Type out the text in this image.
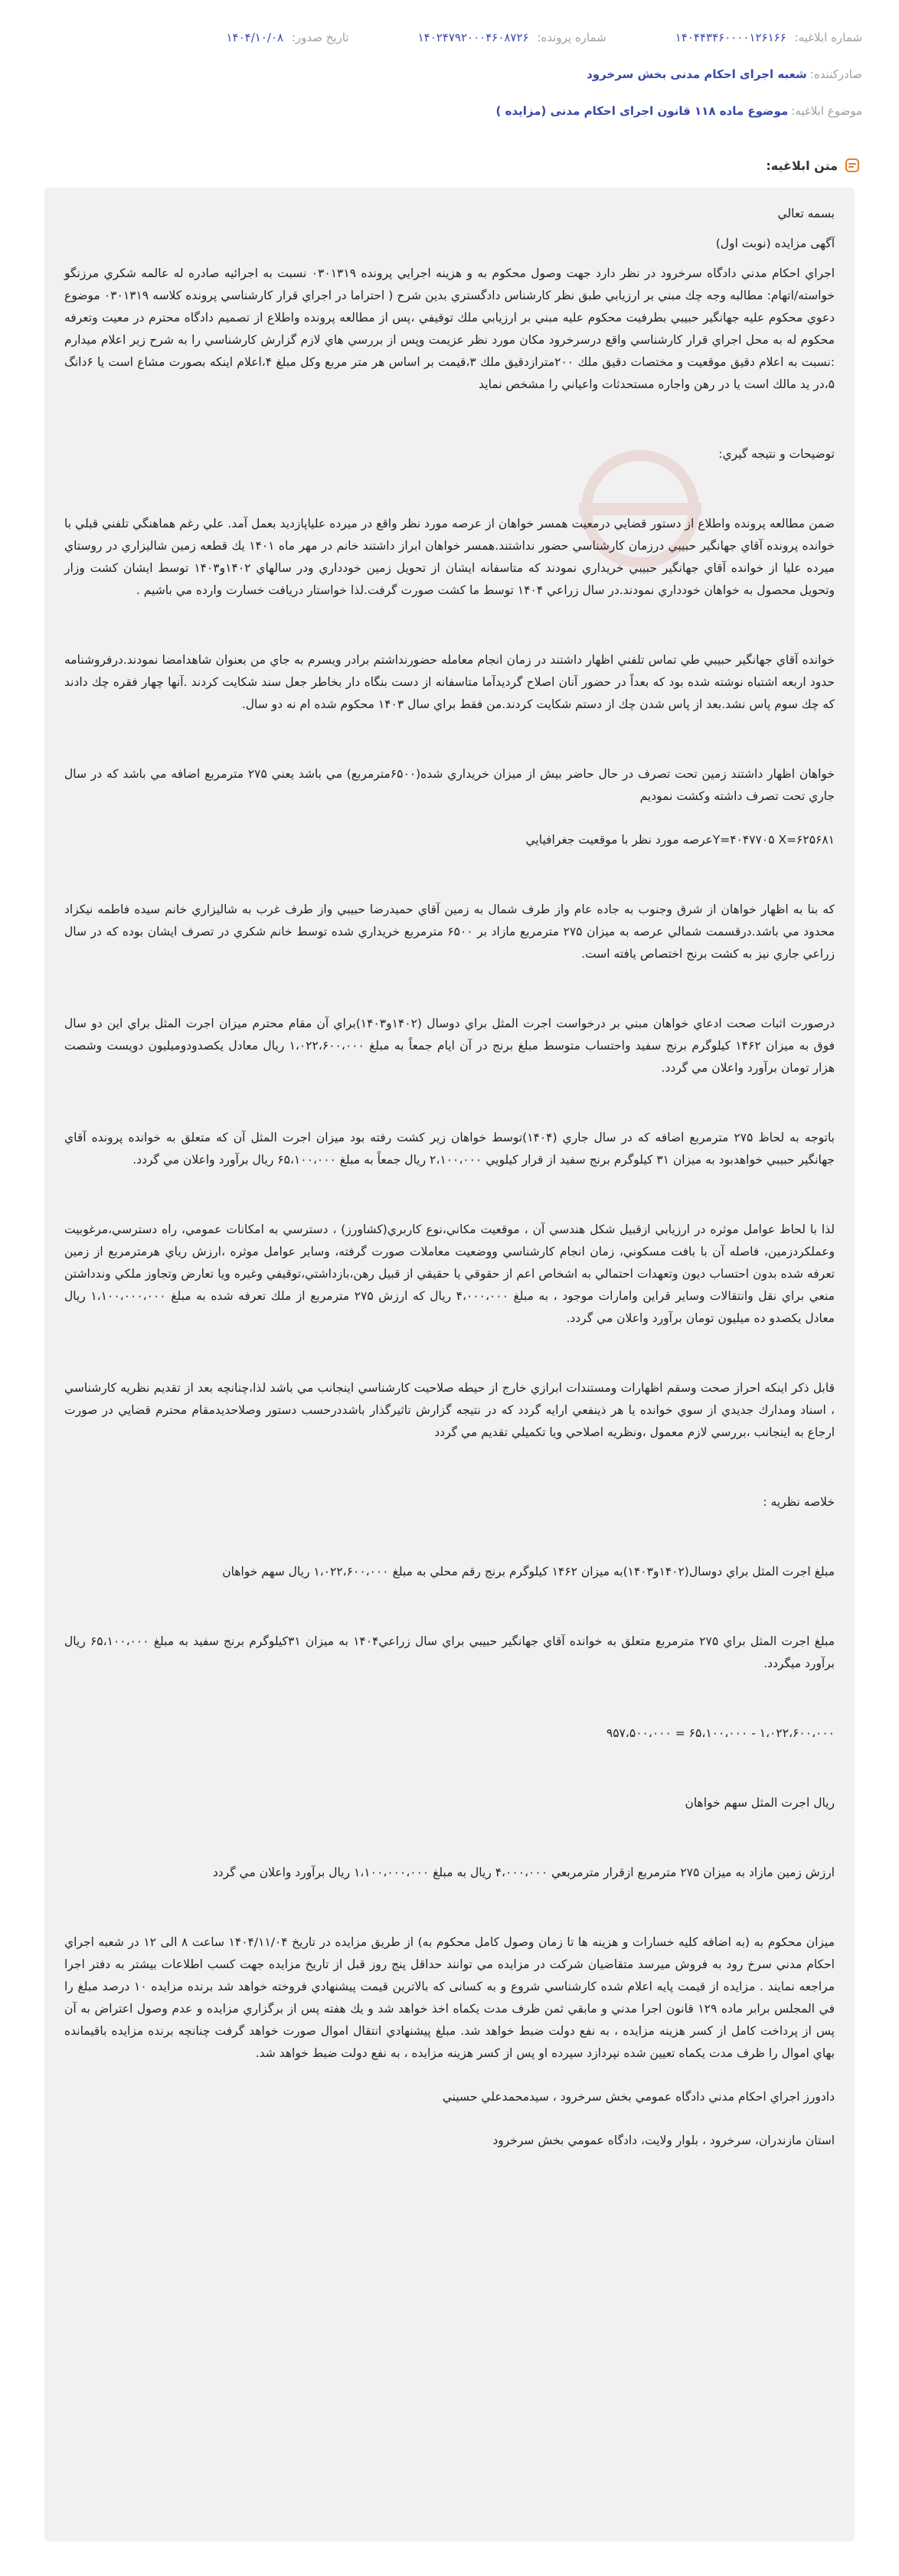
شماره ابلاغیه: ۱۴۰۴۴۳۴۶۰۰۰۰۱۲۶۱۶۶
شماره پرونده: ۱۴۰۲۴۷۹۲۰۰۰۴۶۰۸۷۲۶
تاریخ صدور: ۱۴۰۴/۱۰/۰۸
صادرکننده:
شعبه اجرای احکام مدنی بخش سرخرود
موضوع ابلاغیه:
موضوع ماده ۱۱۸ قانون اجرای احکام مدنی (مزایده )
متن ابلاغیه:

بسمه تعالي

آگهی مزایده (نوبت اول)

اجراي احكام مدني دادگاه سرخرود در نظر دارد جهت وصول محكوم به و هزينه اجرايي پرونده ۰۳۰۱۳۱۹ نسبت به اجرائيه صادره له عالمه شكري مرزنگو خواسته/اتهام: مطالبه وجه چك مبني بر ارزيابي طبق نظر كارشناس دادگستري بدين شرح ( احتراما در اجراي قرار كارشناسي پرونده كلاسه ۰۳۰۱۳۱۹ موضوع دعوي محكوم عليه جهانگير حبيبي بطرفيت محكوم عليه مبني بر ارزيابي ملك توقيفي ،پس از مطالعه پرونده واطلاع از تصميم دادگاه محترم در معيت وتعرفه محكوم له به محل اجراي قرار كارشناسي واقع درسرخرود مكان مورد نظر عزيمت وپس از بررسي هاي لازم گزارش كارشناسي را به شرح زير اعلام ميدارم :نسبت به اعلام دقيق موقعيت و مختصات دقيق ملك ۲۰۰مترازدقيق ملك ۳،قيمت بر اساس هر متر مربع وكل مبلغ ۴،اعلام اينكه بصورت مشاع است يا ۶دانگ ۵،در يد مالك است يا در رهن واجاره مستحدثات واعياني را مشخص نمايد

توضيحات و نتيجه گيري:

ضمن مطالعه پرونده واطلاع از دستور قضايي درمعيت همسر خواهان از عرصه مورد نظر واقع در ميرده علياپازديد بعمل آمد. علي رغم هماهنگي تلفني قبلي با خوانده پرونده آقاي جهانگير حبيبي درزمان كارشناسي حضور نداشتند.همسر خواهان ابراز داشتند خانم در مهر ماه ۱۴۰۱ يك قطعه زمين شالیزاري در روستاي ميرده عليا از خوانده آقاي جهانگير حبيبي خريداري نمودند كه متاسفانه ايشان از تحويل زمين خودداري ودر سالهاي ۱۴۰۲و۱۴۰۳ توسط ايشان كشت وزار وتحويل محصول به خواهان خودداري نمودند.در سال زراعي ۱۴۰۴ توسط ما كشت صورت گرفت.لذا خواستار دريافت خسارت وارده مي باشيم .

خوانده آقاي جهانگير حبيبي طي تماس تلفني اظهار داشتند در زمان انجام معامله حضورنداشتم برادر ويسرم به جاي من بعنوان شاهدامضا نمودند.درفروشنامه حدود اربعه اشتباه نوشته شده بود كه بعداً در حضور آنان اصلاح گرديدآما متاسفانه از دست بنگاه دار بخاطر جعل سند شكايت كردند .آنها چهار فقره چك دادند كه چك سوم پاس نشد.بعد از پاس شدن چك از دستم شكايت كردند.من فقط براي سال ۱۴۰۳ محكوم شده ام نه دو سال.

خواهان اظهار داشتند زمين تحت تصرف در حال حاضر بيش از ميزان خريداري شده(۶۵۰۰مترمربع) مي باشد يعني ۲۷۵ مترمربع اضافه مي باشد كه در سال جاري تحت تصرف داشته وكشت نموديم

Y=۴۰۴۷۷۰۵ X=۶۲۵۶۸۱عرصه مورد نظر با موقعيت جغرافيايي

كه بنا به اظهار خواهان از شرق وجنوب به جاده عام واز طرف شمال به زمين آقاي حميدرضا حبيبي واز طرف غرب به شالیزاري خانم سيده فاطمه نيكزاد محدود مي باشد.درقسمت شمالي عرصه به ميزان ۲۷۵ مترمربع مازاد بر ۶۵۰۰ مترمربع خريداري شده توسط خانم شكري در تصرف ايشان بوده كه در سال زراعي جاري نيز به كشت برنج اختصاص يافته است.

درصورت اثبات صحت ادعاي خواهان مبني بر درخواست اجرت المثل براي دوسال (۱۴۰۲و۱۴۰۳)براي آن مقام محترم ميزان اجرت المثل براي اين دو سال فوق به ميزان ۱۴۶۲ كيلوگرم برنج سفيد واحتساب متوسط مبلغ برنج در آن ايام جمعاً به مبلغ ۱،۰۲۲،۶۰۰،۰۰۰ ريال معادل يكصدودوميليون دويست وشصت هزار تومان برآورد واعلان مي گردد.

باتوجه به لحاظ ۲۷۵ مترمربع اضافه كه در سال جاري (۱۴۰۴)توسط خواهان زير كشت رفته بود ميزان اجرت المثل آن كه متعلق به خوانده پرونده آقاي جهانگير حبيبي خواهدبود به ميزان ۳۱ كيلوگرم برنج سفيد از قرار كيلويي ۲،۱۰۰،۰۰۰ ريال جمعاً به مبلغ ۶۵،۱۰۰،۰۰۰ ريال برآورد واعلان مي گردد.

لذا با لحاظ عوامل موثره در ارزيابي ازقبيل شكل هندسي آن ، موقعيت مكاني،نوع كاربري(كشاورز) ، دسترسي به امكانات عمومي، راه دسترسي،مرغوبيت وعملكردزمين، فاصله آن با بافت مسكوني، زمان انجام كارشناسي ووضعيت معاملات صورت گرفته، وساير عوامل موثره ،ارزش رياي هرمترمربع از زمين تعرفه شده بدون احتساب ديون وتعهدات احتمالي به اشخاص اعم از حقوقي يا حقيقي از قبيل رهن،بازداشتي،توقيفي وغيره ويا تعارض وتجاوز ملكي وندداشتن منعي براي نقل وانتقالات وساير قراين وامارات موجود ، به مبلغ ۴،۰۰۰،۰۰۰ ريال كه ارزش ۲۷۵ مترمربع از ملك تعرفه شده به مبلغ ۱،۱۰۰،۰۰۰،۰۰۰ ريال معادل يكصدو ده ميليون تومان برآورد واعلان مي گردد.

قابل ذكر اينكه احراز صحت وسقم اظهارات ومستندات ابرازي خارج از حيطه صلاحيت كارشناسي اينجانب مي باشد لذا،چنانچه بعد از تقديم نظريه كارشناسي ، اسناد ومدارك جديدي از سوي خوانده يا هر ذينفعي ارايه گردد كه در نتيجه گزارش تاثيرگذار باشددرحسب دستور وصلاحديدمقام محترم قضايي در صورت ارجاع به اينجانب ،بررسي لازم معمول ،ونظريه اصلاحي ويا تكميلي تقديم مي گردد

خلاصه نظريه :

مبلغ اجرت المثل براي دوسال(۱۴۰۲و۱۴۰۳)به ميزان ۱۴۶۲ كيلوگرم برنج رقم محلي به مبلغ ۱،۰۲۲،۶۰۰،۰۰۰ ريال سهم خواهان

مبلغ اجرت المثل براي ۲۷۵ مترمربع متعلق به خوانده آقاي جهانگير حبيبي براي سال زراعي۱۴۰۴ به ميزان ۳۱كيلوگرم برنج سفيد به مبلغ ۶۵،۱۰۰،۰۰۰ ريال برآورد ميگردد.

۱،۰۲۲،۶۰۰،۰۰۰ - ۶۵،۱۰۰،۰۰۰ = ۹۵۷،۵۰۰،۰۰۰

ريال اجرت المثل سهم خواهان

ارزش زمين مازاد به ميزان ۲۷۵ مترمربع ازقرار مترمربعي ۴،۰۰۰،۰۰۰ ريال به مبلغ ۱،۱۰۰،۰۰۰،۰۰۰ ريال برآورد واعلان مي گردد

ميزان محكوم به (به اضافه كليه خسارات و هزينه ها تا زمان وصول كامل محكوم به) از طريق مزايده در تاريخ ۱۴۰۴/۱۱/۰۴ ساعت ۸ الی ۱۲ در شعبه اجراي احكام مدني سرخ رود به فروش ميرسد متقاضيان شركت در مزايده مي توانند حداقل پنج روز قبل از تاريخ مزايده جهت كسب اطلاعات بيشتر به دفتر اجرا مراجعه نمايند . مزايده از قيمت پايه اعلام شده كارشناسي شروع و به كسانی كه بالاترين قيمت پيشنهادي فروخته خواهد شد برنده مزايده ۱۰ درصد مبلغ را في المجلس برابر ماده ۱۲۹ قانون اجرا مدني و مابقي ثمن ظرف مدت يكماه اخذ خواهد شد و يك هفته پس از برگزاري مزايده و عدم وصول اعتراض به آن پس از پرداخت كامل از كسر هزينه مزايده ، به نفع دولت ضبط خواهد شد. مبلغ پيشنهادي انتقال اموال صورت خواهد گرفت چنانچه برنده مزايده باقيمانده بهاي اموال را ظرف مدت يكماه تعيين شده نپردازد سپرده او پس از كسر هزينه مزايده ، به نفع دولت ضبط خواهد شد.

دادورز اجراي احكام مدني دادگاه عمومي بخش سرخرود ، سيدمحمدعلي حسيني

استان مازندران، سرخرود ، بلوار ولايت، دادگاه عمومي بخش سرخرود
